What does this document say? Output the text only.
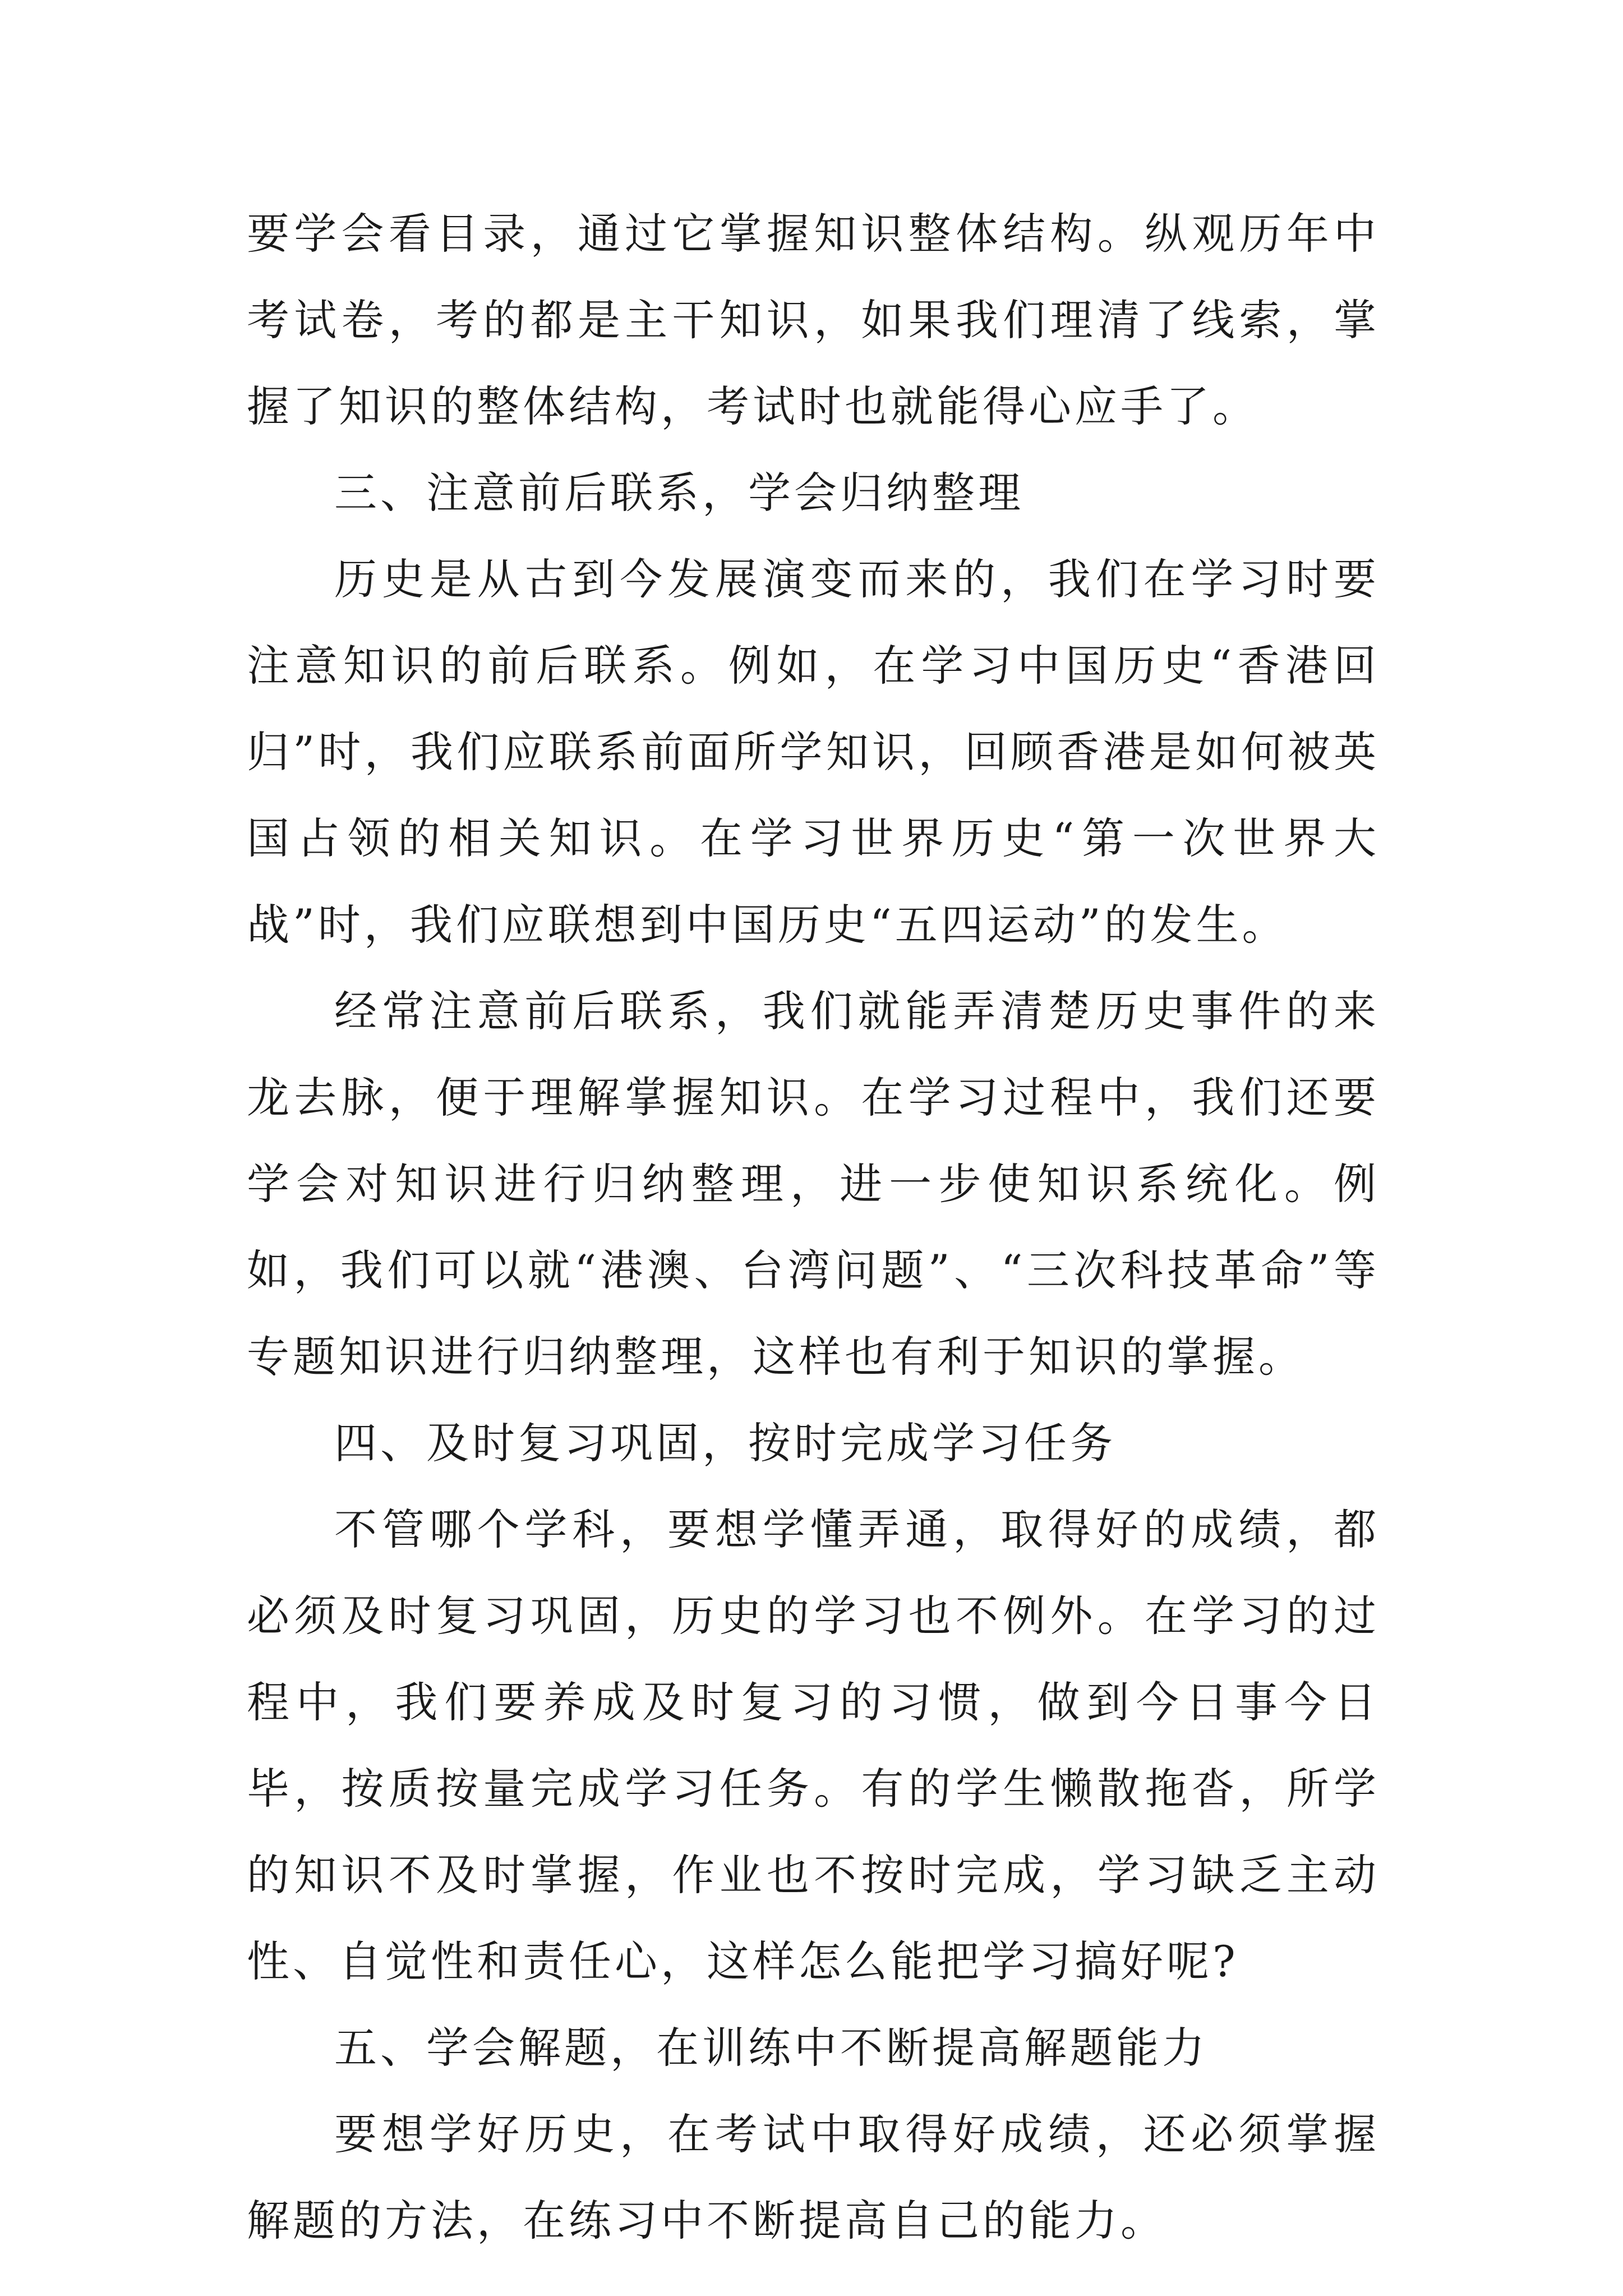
要学会看目录，通过它掌握知识整体结构。纵观历年中考试卷，考的都是主干知识，如果我们理清了线索，掌握了知识的整体结构，考试时也就能得心应手了。

三、注意前后联系，学会归纳整理

历史是从古到今发展演变而来的，我们在学习时要注意知识的前后联系。例如，在学习中国历史“香港回归”时，我们应联系前面所学知识，回顾香港是如何被英国占领的相关知识。在学习世界历史“第一次世界大战”时，我们应联想到中国历史“五四运动”的发生。

经常注意前后联系，我们就能弄清楚历史事件的来龙去脉，便于理解掌握知识。在学习过程中，我们还要学会对知识进行归纳整理，进一步使知识系统化。例如，我们可以就“港澳、台湾问题”、“三次科技革命”等专题知识进行归纳整理，这样也有利于知识的掌握。

四、及时复习巩固，按时完成学习任务

不管哪个学科，要想学懂弄通，取得好的成绩，都必须及时复习巩固，历史的学习也不例外。在学习的过程中，我们要养成及时复习的习惯，做到今日事今日毕，按质按量完成学习任务。有的学生懒散拖沓，所学的知识不及时掌握，作业也不按时完成，学习缺乏主动性、自觉性和责任心，这样怎么能把学习搞好呢?

五、学会解题，在训练中不断提高解题能力

要想学好历史，在考试中取得好成绩，还必须掌握解题的方法，在练习中不断提高自己的能力。
